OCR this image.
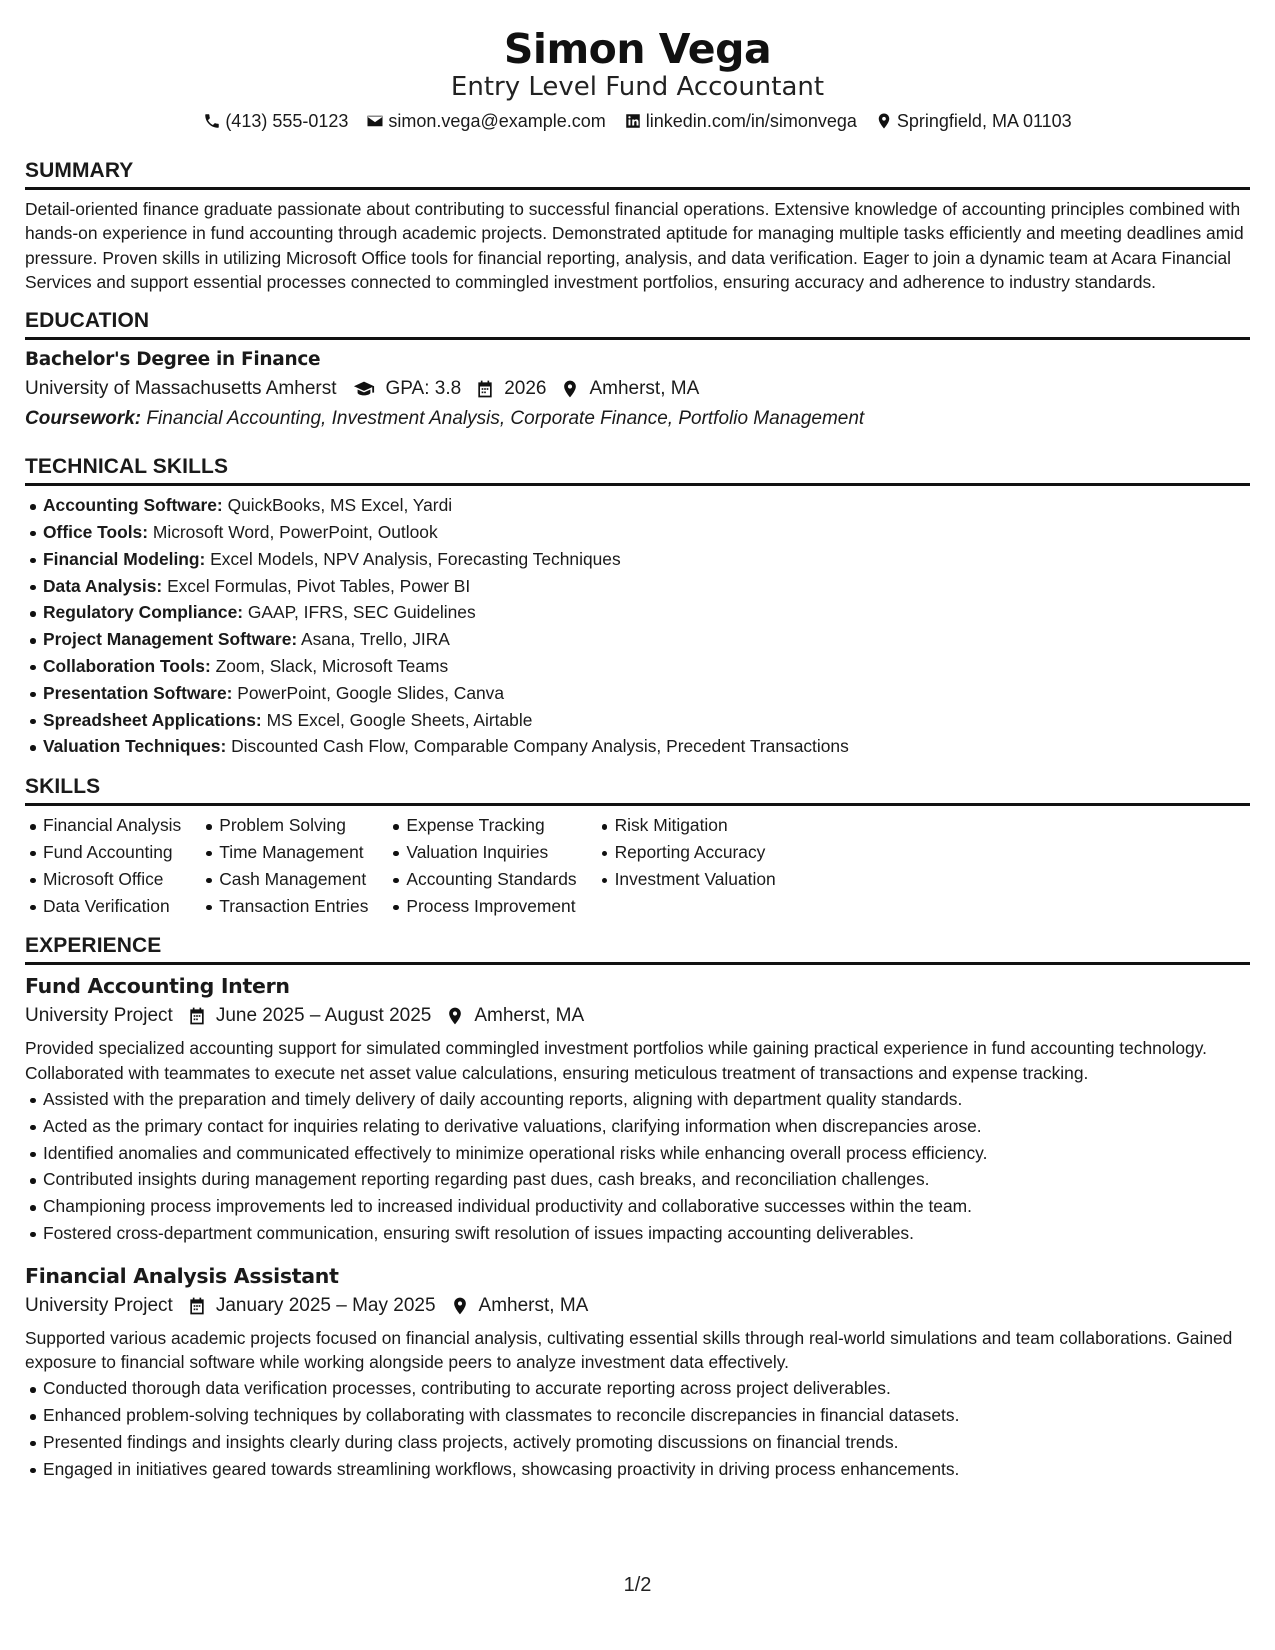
Simon Vega
Entry Level Fund Accountant
(413) 555-0123 simon.vega@example.com linkedin.com/in/simonvega Springfield, MA 01103
SUMMARY
Detail-oriented finance graduate passionate about contributing to successful financial operations. Extensive knowledge of accounting principles combined with hands-on experience in fund accounting through academic projects. Demonstrated aptitude for managing multiple tasks efficiently and meeting deadlines amid pressure. Proven skills in utilizing Microsoft Office tools for financial reporting, analysis, and data verification. Eager to join a dynamic team at Acara Financial Services and support essential processes connected to commingled investment portfolios, ensuring accuracy and adherence to industry standards.
EDUCATION
Bachelor's Degree in Finance
University of Massachusetts Amherst	GPA: 3.8 2026 Amherst, MA
Coursework: Financial Accounting, Investment Analysis, Corporate Finance, Portfolio Management
TECHNICAL SKILLS
Accounting Software: QuickBooks, MS Excel, Yardi
Office Tools: Microsoft Word, PowerPoint, Outlook
Financial Modeling: Excel Models, NPV Analysis, Forecasting Techniques
Data Analysis: Excel Formulas, Pivot Tables, Power BI
Regulatory Compliance: GAAP, IFRS, SEC Guidelines
Project Management Software: Asana, Trello, JIRA
Collaboration Tools: Zoom, Slack, Microsoft Teams
Presentation Software: PowerPoint, Google Slides, Canva
Spreadsheet Applications: MS Excel, Google Sheets, Airtable
Valuation Techniques: Discounted Cash Flow, Comparable Company Analysis, Precedent Transactions
SKILLS
Financial Analysis
Fund Accounting
Microsoft Office
Data Verification
Problem Solving
Time Management
Cash Management
Transaction Entries
Expense Tracking
Valuation Inquiries
Accounting Standards
Process Improvement
Risk Mitigation
Reporting Accuracy
Investment Valuation
EXPERIENCE
Fund Accounting Intern
University Project June 2025 – August 2025 Amherst, MA
Provided specialized accounting support for simulated commingled investment portfolios while gaining practical experience in fund accounting technology. Collaborated with teammates to execute net asset value calculations, ensuring meticulous treatment of transactions and expense tracking.
Assisted with the preparation and timely delivery of daily accounting reports, aligning with department quality standards.
Acted as the primary contact for inquiries relating to derivative valuations, clarifying information when discrepancies arose.
Identified anomalies and communicated effectively to minimize operational risks while enhancing overall process efficiency.
Contributed insights during management reporting regarding past dues, cash breaks, and reconciliation challenges.
Championing process improvements led to increased individual productivity and collaborative successes within the team.
Fostered cross-department communication, ensuring swift resolution of issues impacting accounting deliverables.
Financial Analysis Assistant
University Project January 2025 – May 2025 Amherst, MA
Supported various academic projects focused on financial analysis, cultivating essential skills through real-world simulations and team collaborations. Gained exposure to financial software while working alongside peers to analyze investment data effectively.
Conducted thorough data verification processes, contributing to accurate reporting across project deliverables.
Enhanced problem-solving techniques by collaborating with classmates to reconcile discrepancies in financial datasets.
Presented findings and insights clearly during class projects, actively promoting discussions on financial trends.
Engaged in initiatives geared towards streamlining workflows, showcasing proactivity in driving process enhancements.
1/2
